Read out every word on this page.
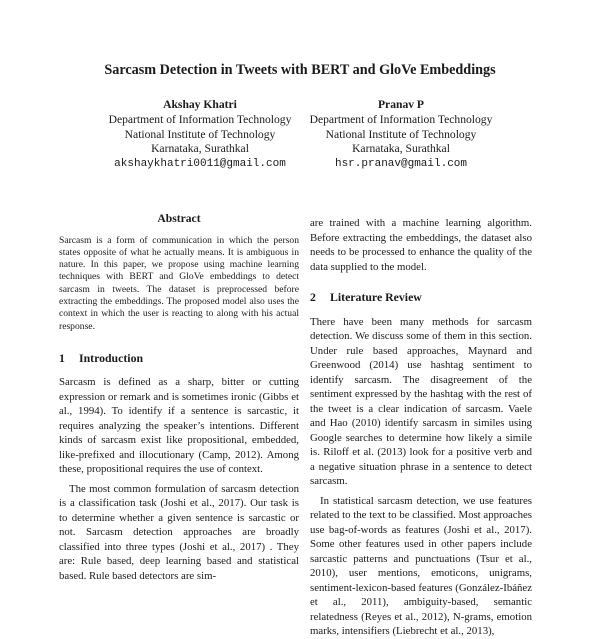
Sarcasm Detection in Tweets with BERT and GloVe Embeddings
Akshay Khatri
Department of Information Technology
National Institute of Technology
Karnataka, Surathkal
akshaykhatri0011@gmail.com
Pranav P
Department of Information Technology
National Institute of Technology
Karnataka, Surathkal
hsr.pranav@gmail.com
Abstract

Sarcasm is a form of communication in which the person states opposite of what he actually means. It is ambiguous in nature. In this paper, we propose using machine learning techniques with BERT and GloVe embeddings to detect sarcasm in tweets. The dataset is preprocessed before extracting the embeddings. The proposed model also uses the context in which the user is reacting to along with his actual response.

1 Introduction

Sarcasm is defined as a sharp, bitter or cutting expression or remark and is sometimes ironic (Gibbs et al., 1994). To identify if a sentence is sarcastic, it requires analyzing the speaker’s intentions. Different kinds of sarcasm exist like propositional, embedded, like-prefixed and illocutionary (Camp, 2012). Among these, propositional requires the use of context.

The most common formulation of sarcasm detection is a classification task (Joshi et al., 2017). Our task is to determine whether a given sentence is sarcastic or not. Sarcasm detection approaches are broadly classified into three types (Joshi et al., 2017) . They are: Rule based, deep learning based and statistical based. Rule based detectors are sim-

are trained with a machine learning algorithm. Before extracting the embeddings, the dataset also needs to be processed to enhance the quality of the data supplied to the model.

2 Literature Review

There have been many methods for sarcasm detection. We discuss some of them in this section. Under rule based approaches, Maynard and Greenwood (2014) use hashtag sentiment to identify sarcasm. The disagreement of the sentiment expressed by the hashtag with the rest of the tweet is a clear indication of sarcasm. Vaele and Hao (2010) identify sarcasm in similes using Google searches to determine how likely a simile is. Riloff et al. (2013) look for a positive verb and a negative situation phrase in a sentence to detect sarcasm.

In statistical sarcasm detection, we use features related to the text to be classified. Most approaches use bag-of-words as features (Joshi et al., 2017). Some other features used in other papers include sarcastic patterns and punctuations (Tsur et al., 2010), user mentions, emoticons, unigrams, sentiment-lexicon-based features (González-Ibáñez et al., 2011), ambiguity-based, semantic relatedness (Reyes et al., 2012), N-grams, emotion marks, intensifiers (Liebrecht et al., 2013),
